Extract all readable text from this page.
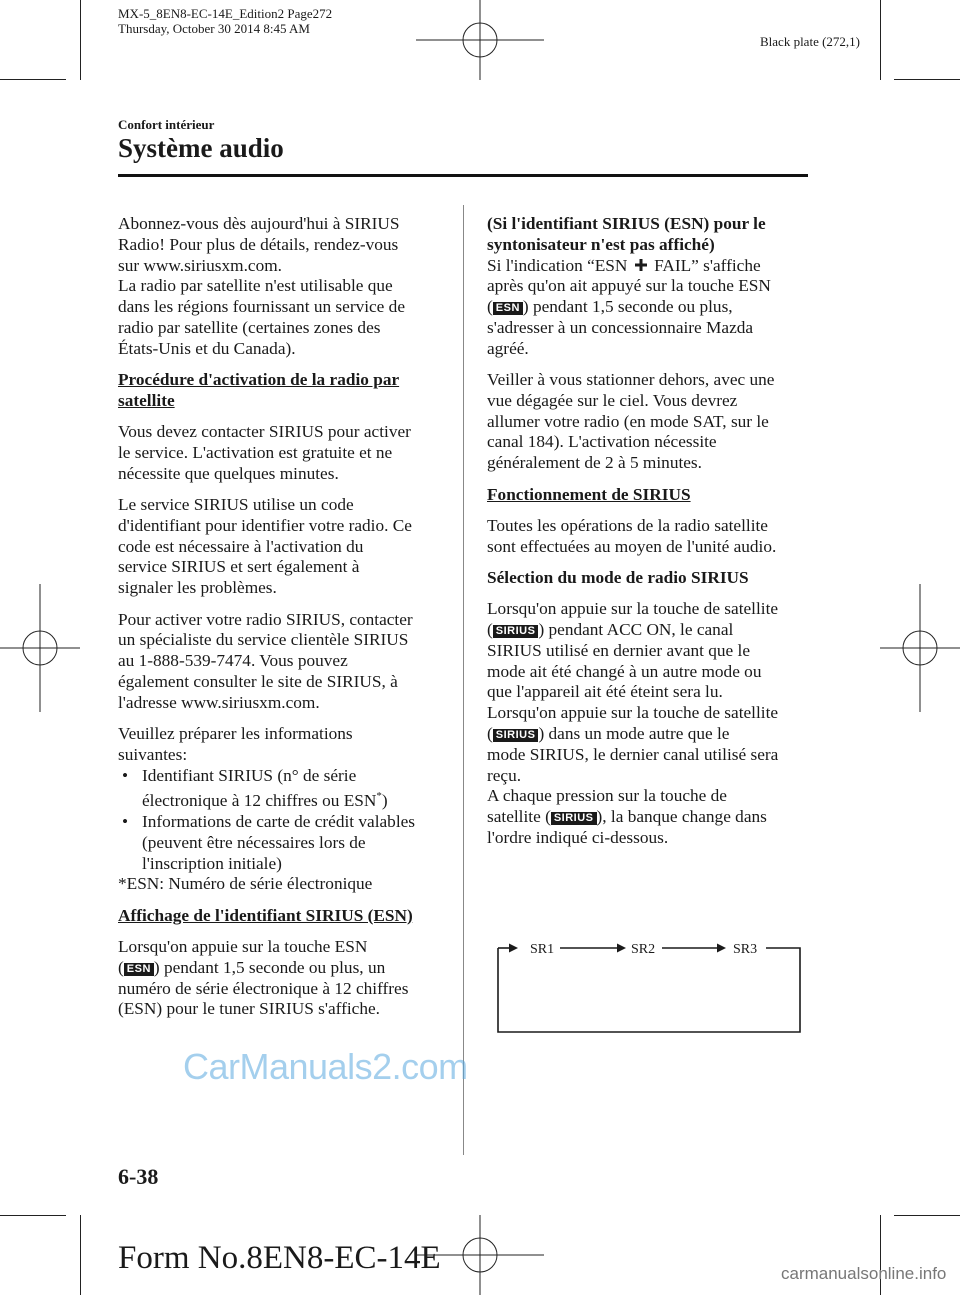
MX-5_8EN8-EC-14E_Edition2 Page272
Thursday, October 30 2014 8:45 AM
Black plate (272,1)
Confort intérieur
Système audio

Abonnez-vous dès aujourd'hui à SIRIUS
Radio! Pour plus de détails, rendez-vous
sur www.siriusxm.com.
La radio par satellite n'est utilisable que
dans les régions fournissant un service de
radio par satellite (certaines zones des
États-Unis et du Canada).

Procédure d'activation de la radio par
satellite

Vous devez contacter SIRIUS pour activer
le service. L'activation est gratuite et ne
nécessite que quelques minutes.

Le service SIRIUS utilise un code
d'identifiant pour identifier votre radio. Ce
code est nécessaire à l'activation du
service SIRIUS et sert également à
signaler les problèmes.

Pour activer votre radio SIRIUS, contacter
un spécialiste du service clientèle SIRIUS
au 1-888-539-7474. Vous pouvez
également consulter le site de SIRIUS, à
l'adresse www.siriusxm.com.

Veuillez préparer les informations
suivantes:

• Identifiant SIRIUS (n° de série
électronique à 12 chiffres ou ESN*)
• Informations de carte de crédit valables
(peuvent être nécessaires lors de
l'inscription initiale)

*ESN: Numéro de série électronique

Affichage de l'identifiant SIRIUS (ESN)

Lorsqu'on appuie sur la touche ESN
( ESN ) pendant 1,5 seconde ou plus, un
numéro de série électronique à 12 chiffres
(ESN) pour le tuner SIRIUS s'affiche.

(Si l'identifiant SIRIUS (ESN) pour le
syntonisateur n'est pas affiché)

Si l'indication “ESN FAIL” s'affiche
après qu'on ait appuyé sur la touche ESN
( ESN ) pendant 1,5 seconde ou plus,
s'adresser à un concessionnaire Mazda
agréé.

Veiller à vous stationner dehors, avec une
vue dégagée sur le ciel. Vous devrez
allumer votre radio (en mode SAT, sur le
canal 184). L'activation nécessite
généralement de 2 à 5 minutes.

Fonctionnement de SIRIUS

Toutes les opérations de la radio satellite
sont effectuées au moyen de l'unité audio.

Sélection du mode de radio SIRIUS

Lorsqu'on appuie sur la touche de satellite
( SIRIUS ) pendant ACC ON, le canal
SIRIUS utilisé en dernier avant que le
mode ait été changé à un autre mode ou
que l'appareil ait été éteint sera lu.
Lorsqu'on appuie sur la touche de satellite
( SIRIUS ) dans un mode autre que le
mode SIRIUS, le dernier canal utilisé sera
reçu.
A chaque pression sur la touche de
satellite ( SIRIUS ), la banque change dans
l'ordre indiqué ci-dessous.

SR1	SR2	SR3
CarManuals2.com
6-38
Form No.8EN8-EC-14E	carmanualsonline.info
